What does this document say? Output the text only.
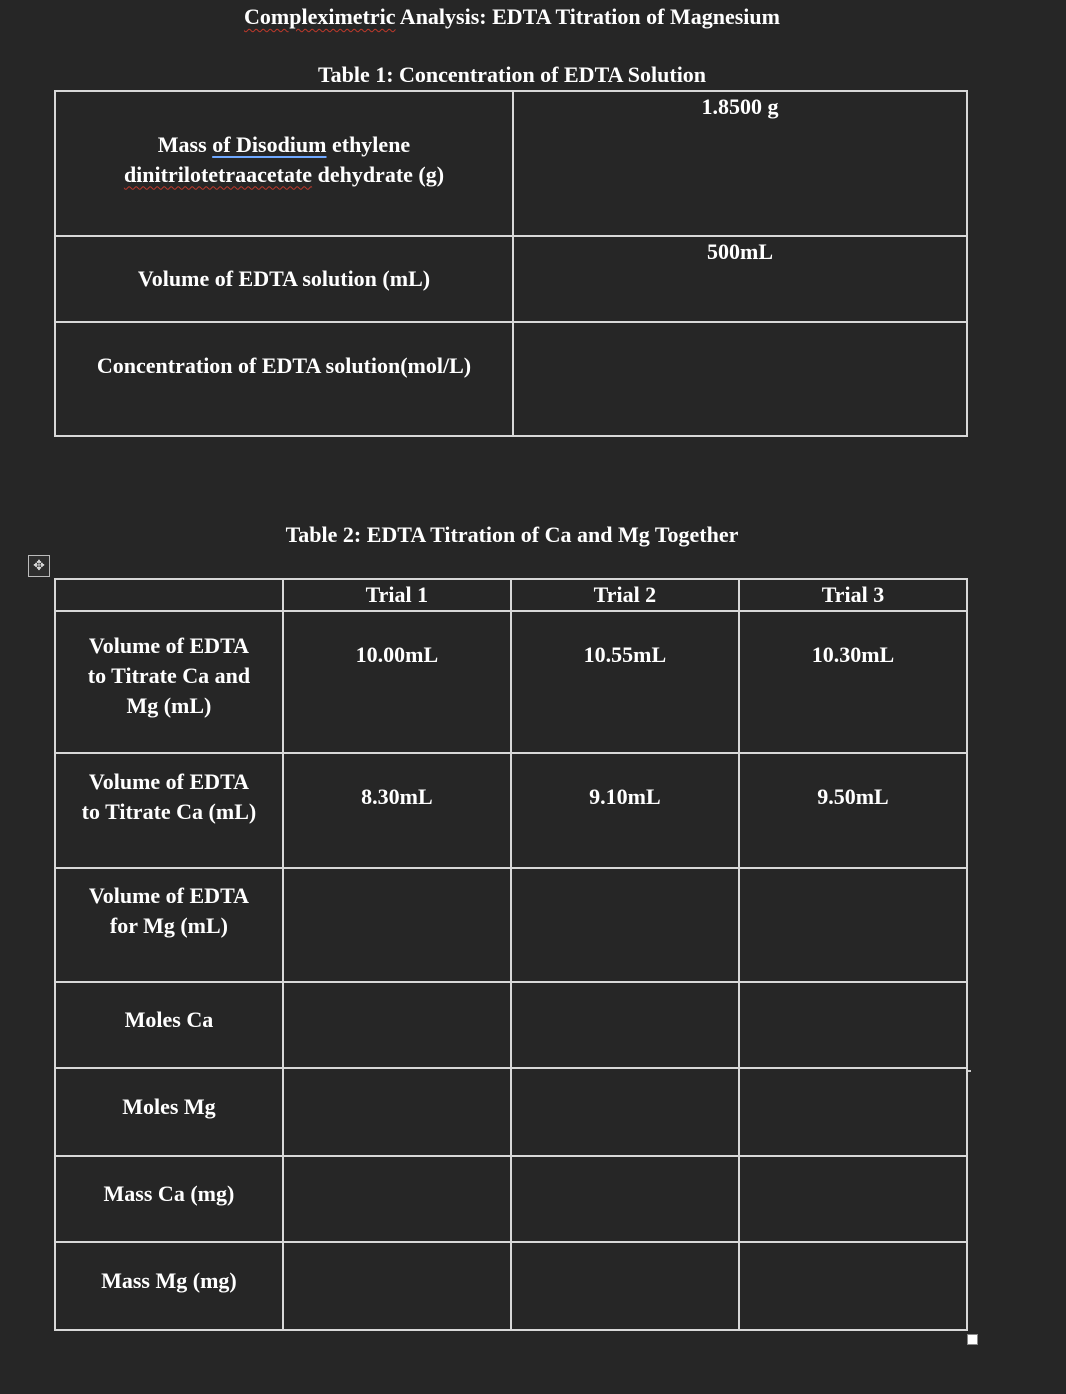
Compleximetric Analysis: EDTA Titration of Magnesium
Table 1: Concentration of EDTA Solution
Mass of Disodium ethylene
dinitrilotetraacetate dehydrate (g)	1.8500 g
Volume of EDTA solution (mL)	500mL
Concentration of EDTA solution(mol/L)	
Table 2: EDTA Titration of Ca and Mg Together
✥
	Trial 1	Trial 2	Trial 3

Volume of EDTA
to Titrate Ca and
Mg (mL)	10.00mL	10.55mL	10.30mL

Volume of EDTA
to Titrate Ca (mL)	8.30mL	9.10mL	9.50mL

Volume of EDTA
for Mg (mL)			

Moles Ca			
Moles Mg			
Mass Ca (mg)			
Mass Mg (mg)			
